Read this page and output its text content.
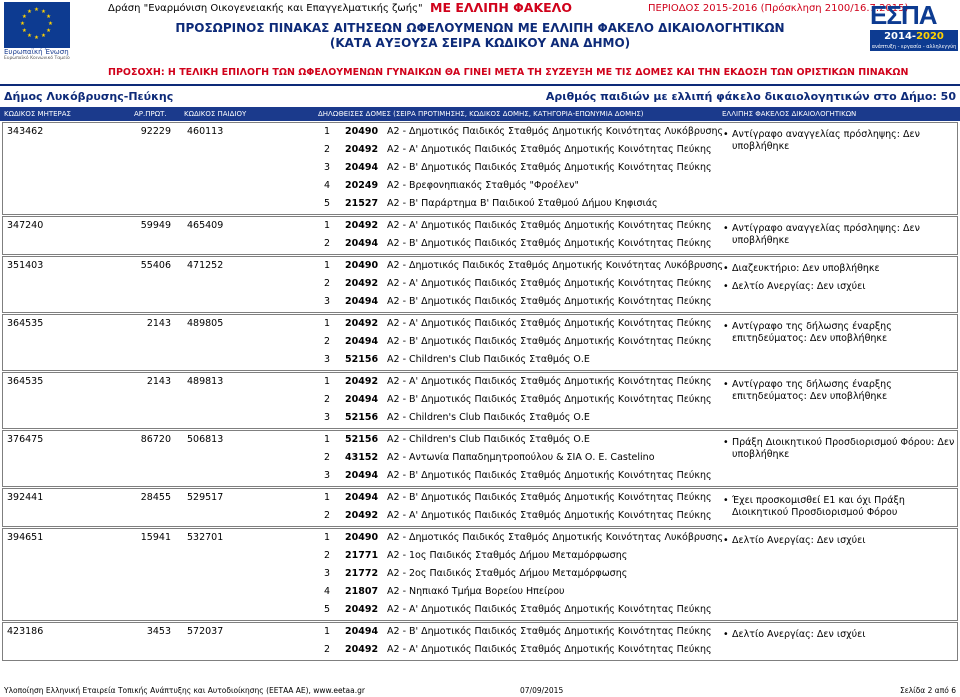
★
★
★
★
★
★
★
★
★ ★ ★
★
Ευρωπαϊκή Ένωση
Ευρωπαϊκό Κοινωνικό Ταμείο
Δράση "Εναρμόνιση Οικογενειακής και Επαγγελματικής ζωής" ΜΕ ΕΛΛΙΠΗ ΦΑΚΕΛΟ	ΠΕΡΙΟΔΟΣ 2015-2016 (Πρόσκληση 2100/16.7.2015)
ΠΡΟΣΩΡΙΝΟΣ ΠΙΝΑΚΑΣ ΑΙΤΗΣΕΩΝ ΩΦΕΛΟΥΜΕΝΩΝ ΜΕ ΕΛΛΙΠΗ ΦΑΚΕΛΟ ΔΙΚΑΙΟΛΟΓΗΤΙΚΩΝ
(ΚΑΤΑ ΑΥΞΟΥΣΑ ΣΕΙΡΑ ΚΩΔΙΚΟΥ ΑΝΑ ΔΗΜΟ)
ΕΣΠΑ
2014-2020
ανάπτυξη - εργασία - αλληλεγγύη
ΠΡΟΣΟΧΗ: Η ΤΕΛΙΚΗ ΕΠΙΛΟΓΗ ΤΩΝ ΩΦΕΛΟΥΜΕΝΩΝ ΓΥΝΑΙΚΩΝ ΘΑ ΓΙΝΕΙ ΜΕΤΑ ΤΗ ΣΥΖΕΥΞΗ ΜΕ ΤΙΣ ΔΟΜΕΣ ΚΑΙ ΤΗΝ ΕΚΔΟΣΗ ΤΩΝ ΟΡΙΣΤΙΚΩΝ ΠΙΝΑΚΩΝ
Δήμος Λυκόβρυσης-Πεύκης	Αριθμός παιδιών με ελλιπή φάκελο δικαιολογητικών στο Δήμο: 50
ΚΩΔΙΚΟΣ ΜΗΤΕΡΑΣ	ΑΡ.ΠΡΩΤ. ΚΩΔΙΚΟΣ ΠΑΙΔΙΟΥ	ΔΗΛΩΘΕΙΣΕΣ ΔΟΜΕΣ (ΣΕΙΡΑ ΠΡΟΤΙΜΗΣΗΣ, ΚΩΔΙΚΟΣ ΔΟΜΗΣ, ΚΑΤΗΓΟΡΙΑ-ΕΠΩΝΥΜΙΑ ΔΟΜΗΣ)	ΕΛΛΙΠΗΣ ΦΑΚΕΛΟΣ ΔΙΚΑΙΟΛΟΓΗΤΙΚΩΝ
343462	92229 460113	1	20490 Α2 - Δημοτικός Παιδικός Σταθμός Δημοτικής Κοινότητας Λυκόβρυσης
2	20492 Α2 - Α' Δημοτικός Παιδικός Σταθμός Δημοτικής Κοινότητας Πεύκης
3	20494 Α2 - Β' Δημοτικός Παιδικός Σταθμός Δημοτικής Κοινότητας Πεύκης
4	20249 Α2 - Βρεφονηπιακός Σταθμός "Φροέλεν"
5	21527 Α2 - Β' Παράρτημα Β' Παιδικού Σταθμού Δήμου Κηφισιάς
• Αντίγραφο αναγγελίας πρόσληψης: Δεν υποβλήθηκε
347240	59949 465409	1	20492 Α2 - Α' Δημοτικός Παιδικός Σταθμός Δημοτικής Κοινότητας Πεύκης
2	20494 Α2 - Β' Δημοτικός Παιδικός Σταθμός Δημοτικής Κοινότητας Πεύκης
• Αντίγραφο αναγγελίας πρόσληψης: Δεν υποβλήθηκε
351403	55406 471252	1	20490 Α2 - Δημοτικός Παιδικός Σταθμός Δημοτικής Κοινότητας Λυκόβρυσης
2	20492 Α2 - Α' Δημοτικός Παιδικός Σταθμός Δημοτικής Κοινότητας Πεύκης
3	20494 Α2 - Β' Δημοτικός Παιδικός Σταθμός Δημοτικής Κοινότητας Πεύκης
• Διαζευκτήριο: Δεν υποβλήθηκε
• Δελτίο Ανεργίας: Δεν ισχύει
364535	2143 489805	1	20492 Α2 - Α' Δημοτικός Παιδικός Σταθμός Δημοτικής Κοινότητας Πεύκης
2	20494 Α2 - Β' Δημοτικός Παιδικός Σταθμός Δημοτικής Κοινότητας Πεύκης
3	52156 Α2 - Children's Club Παιδικός Σταθμός Ο.Ε
• Αντίγραφο της δήλωσης έναρξης επιτηδεύματος: Δεν υποβλήθηκε
364535	2143 489813	1	20492 Α2 - Α' Δημοτικός Παιδικός Σταθμός Δημοτικής Κοινότητας Πεύκης
2	20494 Α2 - Β' Δημοτικός Παιδικός Σταθμός Δημοτικής Κοινότητας Πεύκης
3	52156 Α2 - Children's Club Παιδικός Σταθμός Ο.Ε
• Αντίγραφο της δήλωσης έναρξης επιτηδεύματος: Δεν υποβλήθηκε
376475	86720 506813	1	52156 Α2 - Children's Club Παιδικός Σταθμός Ο.Ε
2	43152 Α2 - Αντωνία Παπαδημητροπούλου & ΣΙΑ Ο. Ε. Castelino
3	20494 Α2 - Β' Δημοτικός Παιδικός Σταθμός Δημοτικής Κοινότητας Πεύκης
• Πράξη Διοικητικού Προσδιορισμού Φόρου: Δεν υποβλήθηκε
392441	28455 529517	1	20494 Α2 - Β' Δημοτικός Παιδικός Σταθμός Δημοτικής Κοινότητας Πεύκης
2	20492 Α2 - Α' Δημοτικός Παιδικός Σταθμός Δημοτικής Κοινότητας Πεύκης
• Έχει προσκομισθεί Ε1 και όχι Πράξη Διοικητικού Προσδιορισμού Φόρου
394651	15941 532701	1	20490 Α2 - Δημοτικός Παιδικός Σταθμός Δημοτικής Κοινότητας Λυκόβρυσης
2	21771 Α2 - 1ος Παιδικός Σταθμός Δήμου Μεταμόρφωσης
3	21772 Α2 - 2ος Παιδικός Σταθμός Δήμου Μεταμόρφωσης
4	21807 Α2 - Νηπιακό Τμήμα Βορείου Ηπείρου
5	20492 Α2 - Α' Δημοτικός Παιδικός Σταθμός Δημοτικής Κοινότητας Πεύκης
• Δελτίο Ανεργίας: Δεν ισχύει
423186	3453 572037	1	20494 Α2 - Β' Δημοτικός Παιδικός Σταθμός Δημοτικής Κοινότητας Πεύκης
2	20492 Α2 - Α' Δημοτικός Παιδικός Σταθμός Δημοτικής Κοινότητας Πεύκης
• Δελτίο Ανεργίας: Δεν ισχύει
Υλοποίηση Ελληνική Εταιρεία Τοπικής Ανάπτυξης και Αυτοδιοίκησης (ΕΕΤΑΑ ΑΕ), www.eetaa.gr	07/09/2015	Σελίδα 2 από 6
